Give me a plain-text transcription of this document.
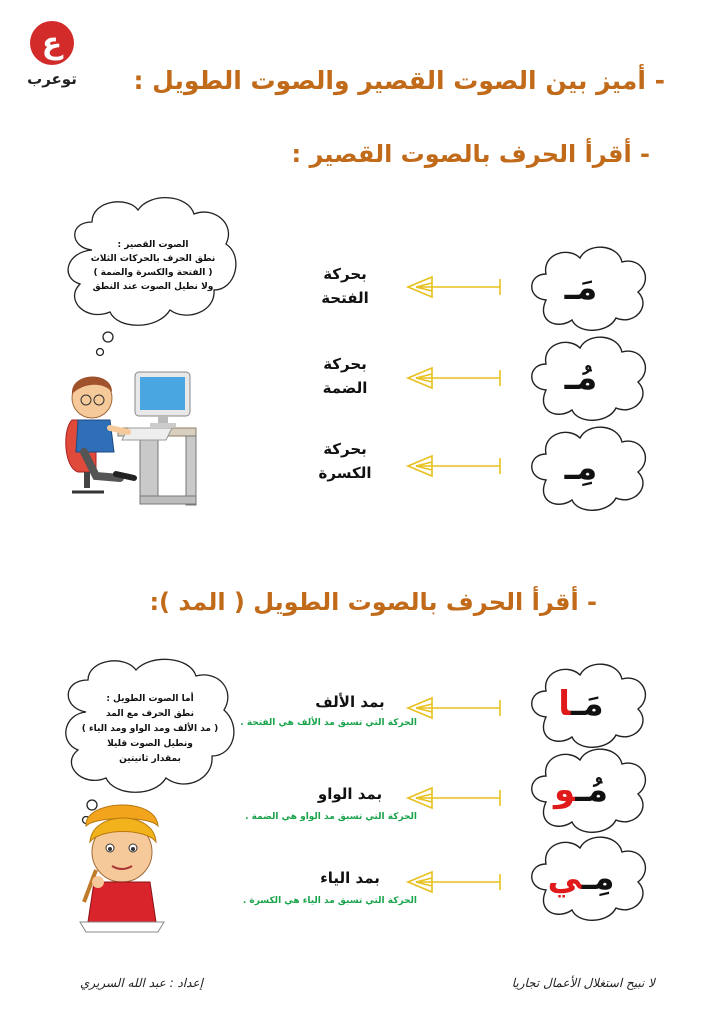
ع
توعرب - أميز بين الصوت القصير والصوت الطويل :
- أقرأ الحرف بالصوت القصير :
- أقرأ الحرف بالصوت الطويل ( المد ):
الصوت القصير :
نطق الحرف بالحركات الثلاث
( الفتحة والكسرة والضمة )
ولا نطيل الصوت عند النطق
أما الصوت الطويل :
نطق الحرف مع المد
( مد الألف ومد الواو ومد الياء )
ونطيل الصوت قليلا
بمقدار ثانيتين
مَـ
مُـ
مِـ
بحركة
الفتحة
بحركة
الضمة
بحركة
الكسرة
مَـا
مُـو
مِـي
بمد الألف
الحركة التي تسبق مد الألف هي الفتحة .
بمد الواو
الحركة التي تسبق مد الواو هي الضمة .
بمد الياء
الحركة التي تسبق مد الياء هي الكسرة .
إعداد : عبد الله السريري	لا نبيح استغلال الأعمال تجاريا
